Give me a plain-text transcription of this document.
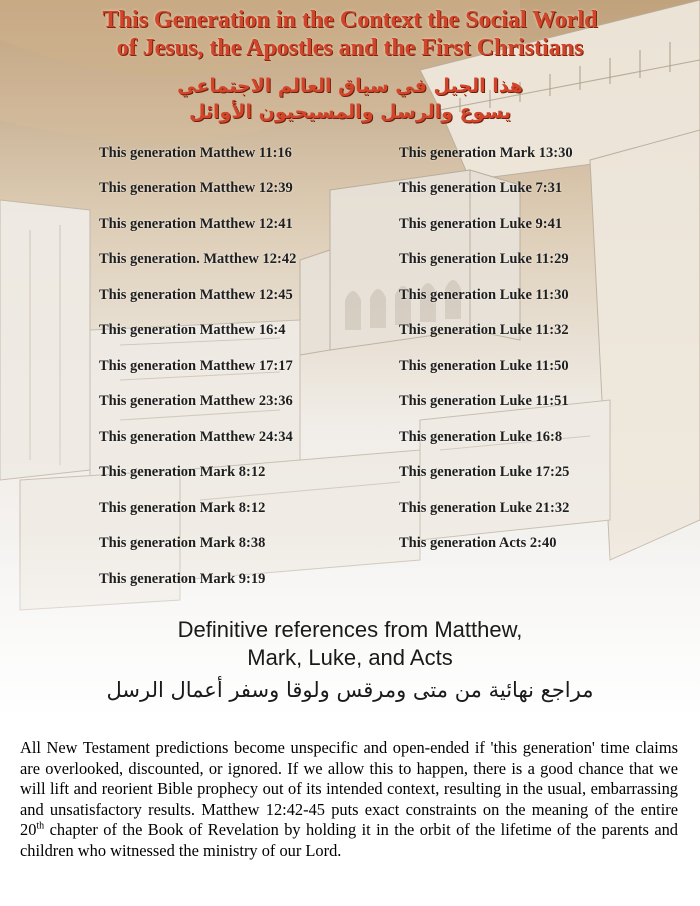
This Generation in the Context the Social World
of Jesus, the Apostles and the First Christians
هذا الجيل في سياق العالم الاجتماعي
يسوع والرسل والمسيحيون الأوائل
This generation Matthew 11:16
This generation Matthew 12:39
This generation Matthew 12:41
This generation. Matthew 12:42
This generation Matthew 12:45
This generation Matthew 16:4
This generation Matthew 17:17
This generation Matthew 23:36
This generation Matthew 24:34
This generation Mark 8:12
This generation Mark 8:12
This generation Mark 8:38
This generation Mark 9:19
This generation Mark 13:30
This generation Luke 7:31
This generation Luke 9:41
This generation Luke 11:29
This generation Luke 11:30
This generation Luke 11:32
This generation Luke 11:50
This generation Luke 11:51
This generation Luke 16:8
This generation Luke 17:25
This generation Luke 21:32
This generation Acts 2:40
Definitive references from Matthew,
Mark, Luke, and Acts
مراجع نهائية من متى ومرقس ولوقا وسفر أعمال الرسل

All New Testament predictions become unspecific and open-ended if 'this generation' time claims are overlooked, discounted, or ignored. If we allow this to happen, there is a good chance that we will lift and reorient Bible prophecy out of its intended context, resulting in the usual, embarrassing and unsatisfactory results. Matthew 12:42-45 puts exact constraints on the meaning of the entire 20th chapter of the Book of Revelation by holding it in the orbit of the lifetime of the parents and children who witnessed the ministry of our Lord.
